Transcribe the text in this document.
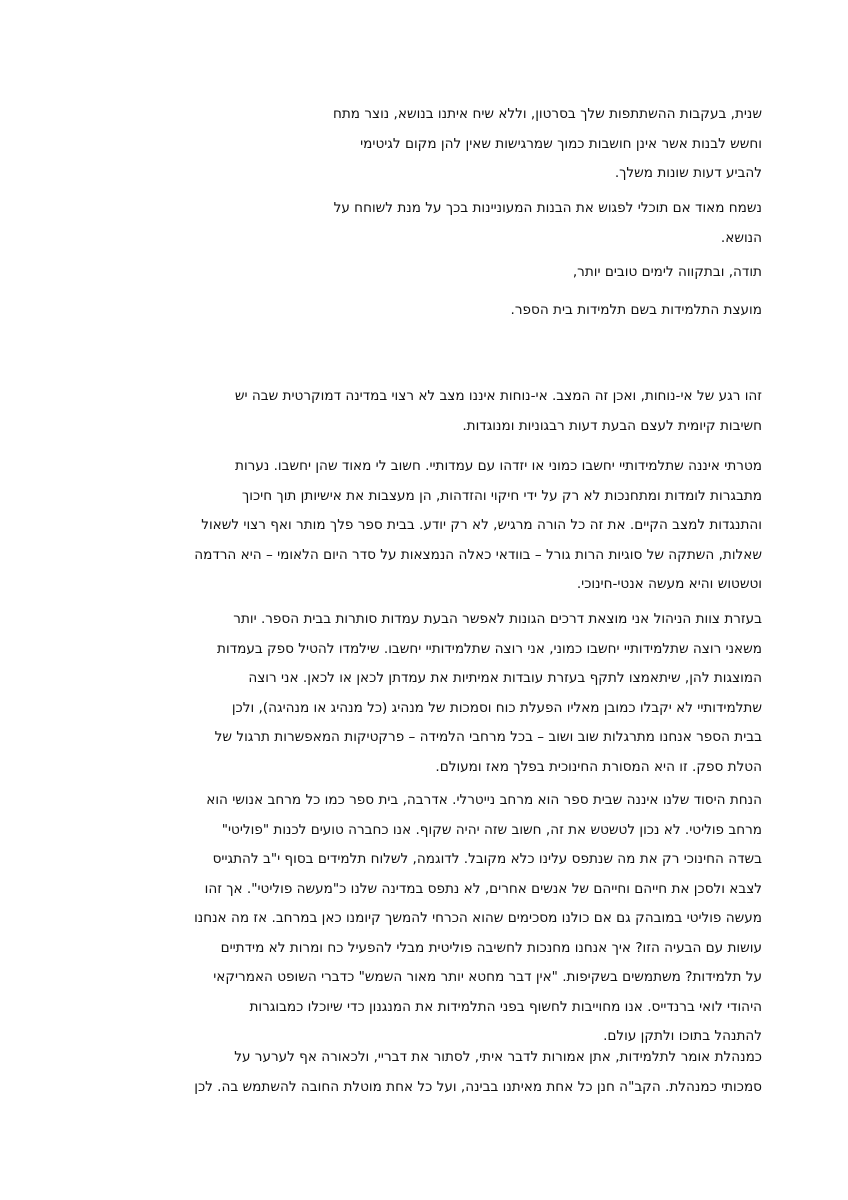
שנית, בעקבות ההשתתפות שלך בסרטון, וללא שיח איתנו בנושא, נוצר מתח
וחשש לבנות אשר אינן חושבות כמוך שמרגישות שאין להן מקום לגיטימי
להביע דעות שונות משלך.
נשמח מאוד אם תוכלי לפגוש את הבנות המעוניינות בכך על מנת לשוחח על
הנושא.
תודה, ובתקווה לימים טובים יותר,
מועצת התלמידות בשם תלמידות בית הספר.
זהו רגע של אי-נוחות, ואכן זה המצב. אי-נוחות איננו מצב לא רצוי במדינה דמוקרטית שבה יש
חשיבות קיומית לעצם הבעת דעות רבגוניות ומנוגדות.
מטרתי איננה שתלמידותיי יחשבו כמוני או יזדהו עם עמדותיי. חשוב לי מאוד שהן יחשבו. נערות
מתבגרות לומדות ומתחנכות לא רק על ידי חיקוי והזדהות, הן מעצבות את אישיותן תוך חיכוך
והתנגדות למצב הקיים. את זה כל הורה מרגיש, לא רק יודע. בבית ספר פלך מותר ואף רצוי לשאול
שאלות, השתקה של סוגיות הרות גורל – בוודאי כאלה הנמצאות על סדר היום הלאומי – היא הרדמה
וטשטוש והיא מעשה אנטי-חינוכי.
בעזרת צוות הניהול אני מוצאת דרכים הגונות לאפשר הבעת עמדות סותרות בבית הספר. יותר
משאני רוצה שתלמידותיי יחשבו כמוני, אני רוצה שתלמידותיי יחשבו. שילמדו להטיל ספק בעמדות
המוצגות להן, שיתאמצו לתקף בעזרת עובדות אמיתיות את עמדתן לכאן או לכאן. אני רוצה
שתלמידותיי לא יקבלו כמובן מאליו הפעלת כוח וסמכות של מנהיג (כל מנהיג או מנהיגה), ולכן
בבית הספר אנחנו מתרגלות שוב ושוב – בכל מרחבי הלמידה – פרקטיקות המאפשרות תרגול של
הטלת ספק. זו היא המסורת החינוכית בפלך מאז ומעולם.
הנחת היסוד שלנו איננה שבית ספר הוא מרחב נייטרלי. אדרבה, בית ספר כמו כל מרחב אנושי הוא
מרחב פוליטי. לא נכון לטשטש את זה, חשוב שזה יהיה שקוף. אנו כחברה טועים לכנות "פוליטי"
בשדה החינוכי רק את מה שנתפס עלינו כלא מקובל. לדוגמה, לשלוח תלמידים בסוף י"ב להתגייס
לצבא ולסכן את חייהם וחייהם של אנשים אחרים, לא נתפס במדינה שלנו כ"מעשה פוליטי". אך זהו
מעשה פוליטי במובהק גם אם כולנו מסכימים שהוא הכרחי להמשך קיומנו כאן במרחב. אז מה אנחנו
עושות עם הבעיה הזו? איך אנחנו מחנכות לחשיבה פוליטית מבלי להפעיל כח ומרות לא מידתיים
על תלמידות? משתמשים בשקיפות. "אין דבר מחטא יותר מאור השמש" כדברי השופט האמריקאי
היהודי לואי ברנדייס. אנו מחוייבות לחשוף בפני התלמידות את המנגנון כדי שיוכלו כמבוגרות
להתנהל בתוכו ולתקן עולם.
כמנהלת אומר לתלמידות, אתן אמורות לדבר איתי, לסתור את דבריי, ולכאורה אף לערער על
סמכותי כמנהלת. הקב"ה חנן כל אחת מאיתנו בבינה, ועל כל אחת מוטלת החובה להשתמש בה. לכן
